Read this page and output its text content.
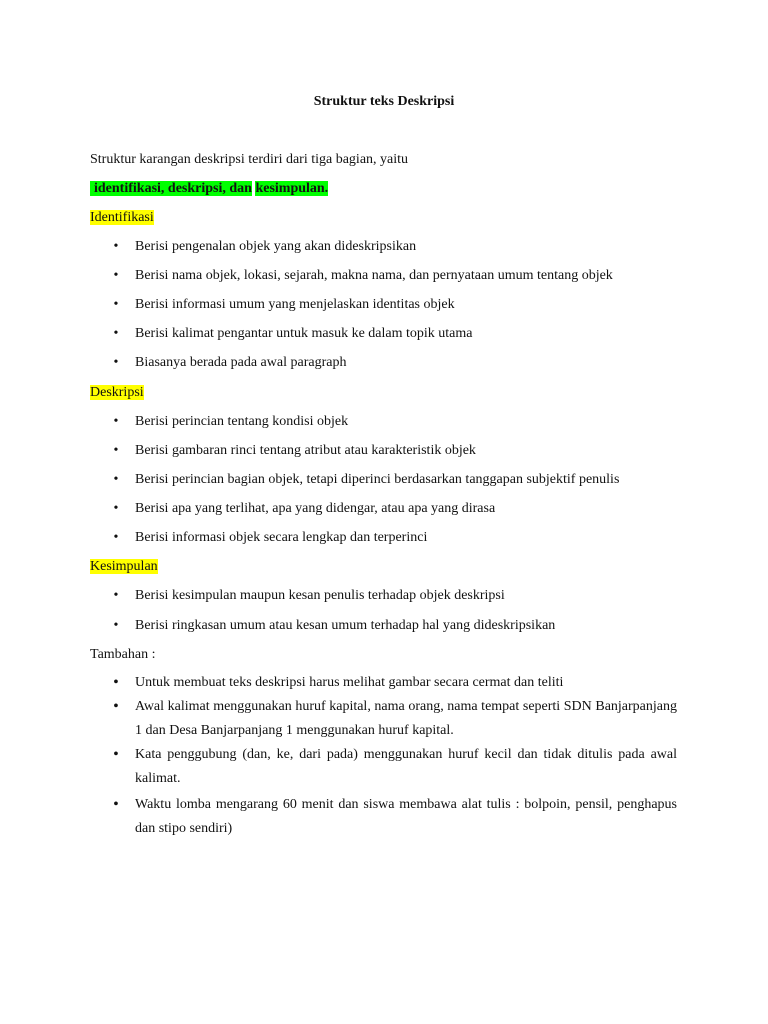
Struktur teks Deskripsi
Struktur karangan deskripsi terdiri dari tiga bagian, yaitu
identifikasi, deskripsi, dan kesimpulan.
Identifikasi
• Berisi pengenalan objek yang akan dideskripsikan
• Berisi nama objek, lokasi, sejarah, makna nama, dan pernyataan umum tentang objek
• Berisi informasi umum yang menjelaskan identitas objek
• Berisi kalimat pengantar untuk masuk ke dalam topik utama
• Biasanya berada pada awal paragraph
Deskripsi
• Berisi perincian tentang kondisi objek
• Berisi gambaran rinci tentang atribut atau karakteristik objek
• Berisi perincian bagian objek, tetapi diperinci berdasarkan tanggapan subjektif penulis
• Berisi apa yang terlihat, apa yang didengar, atau apa yang dirasa
• Berisi informasi objek secara lengkap dan terperinci
Kesimpulan
• Berisi kesimpulan maupun kesan penulis terhadap objek deskripsi
• Berisi ringkasan umum atau kesan umum terhadap hal yang dideskripsikan
Tambahan :
• Untuk membuat teks deskripsi harus melihat gambar secara cermat dan teliti
• Awal kalimat menggunakan huruf kapital, nama orang, nama tempat seperti SDN Banjarpanjang 1 dan Desa Banjarpanjang 1 menggunakan huruf kapital.
• Kata penggubung (dan, ke, dari pada) menggunakan huruf kecil dan tidak ditulis pada awal kalimat.
• Waktu lomba mengarang 60 menit dan siswa membawa alat tulis : bolpoin, pensil, penghapus dan stipo sendiri)
